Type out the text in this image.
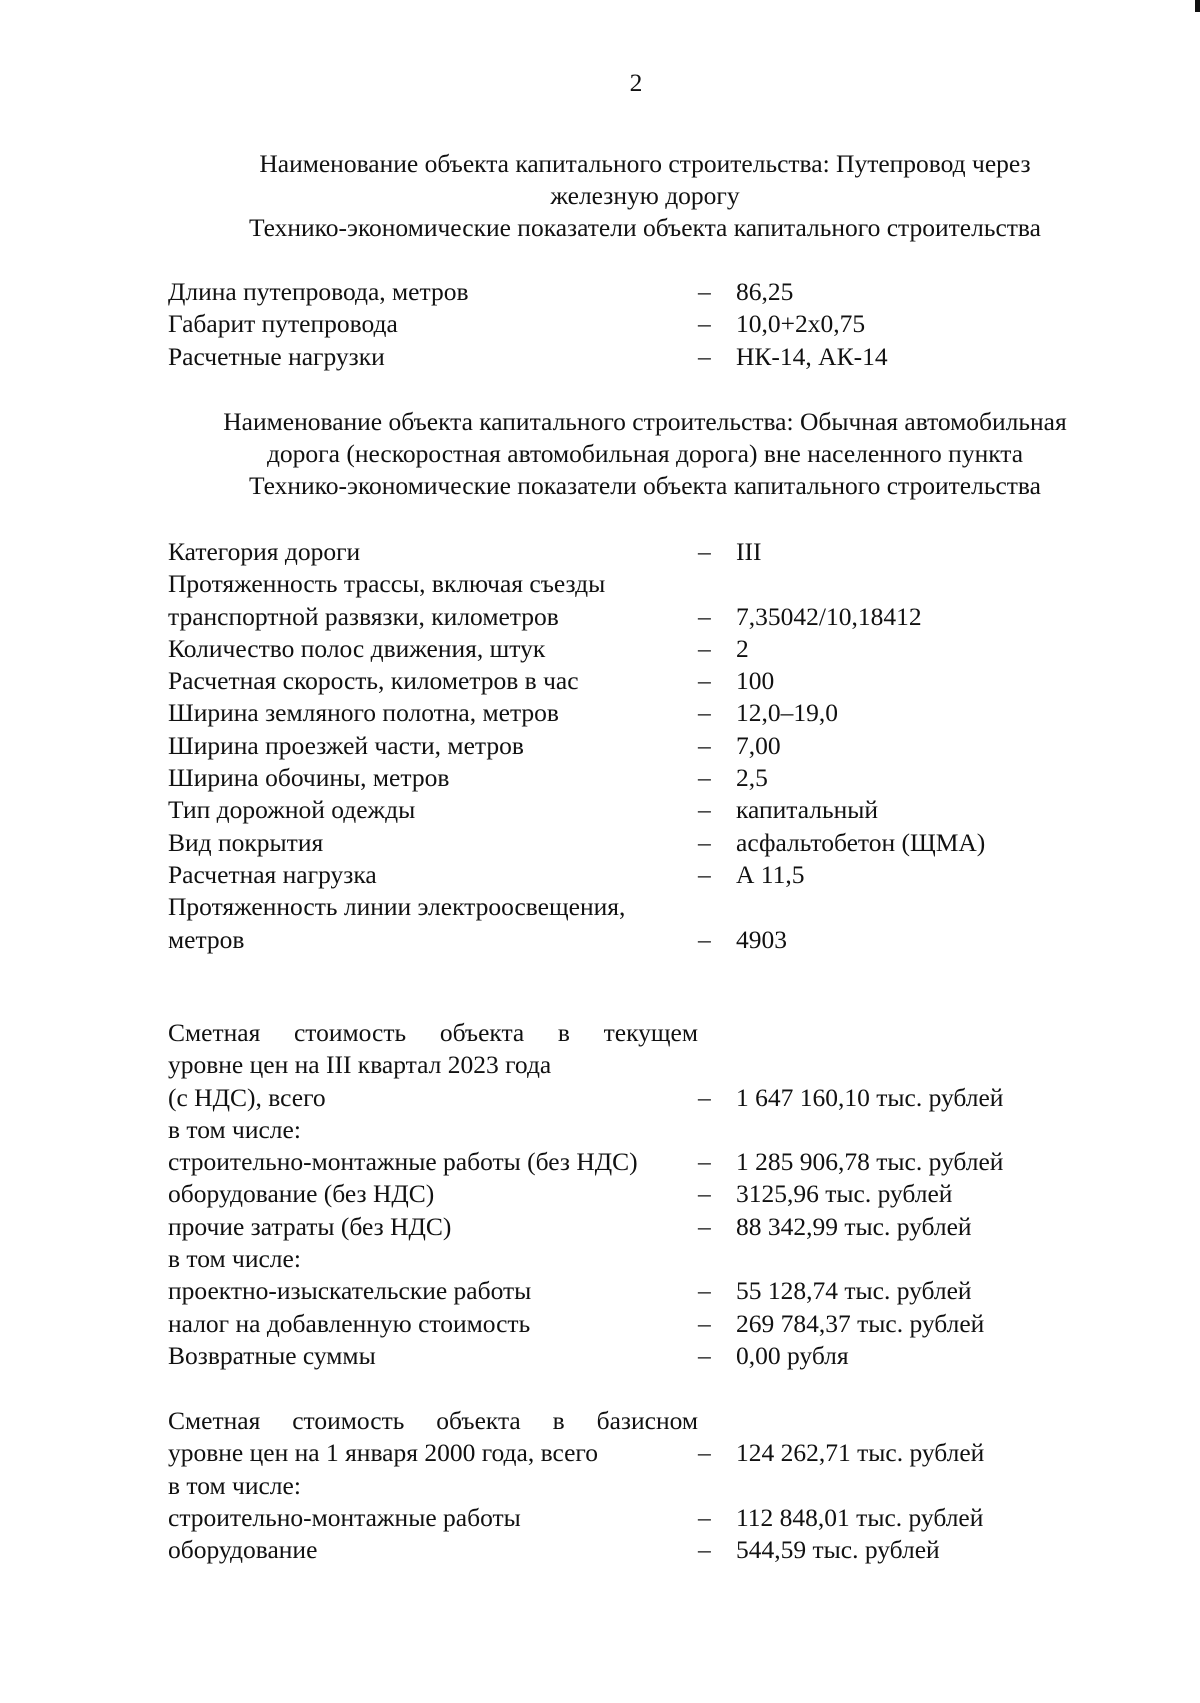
2
Наименование объекта капитального строительства: Путепровод через
железную дорогу
Технико-экономические показатели объекта капитального строительства
Длина путепровода, метров	– 86,25
Габарит путепровода	– 10,0+2х0,75
Расчетные нагрузки	– НК-14, АК-14
Наименование объекта капитального строительства: Обычная автомобильная
дорога (нескоростная автомобильная дорога) вне населенного пункта
Технико-экономические показатели объекта капитального строительства
Категория дороги	– III
Протяженность трассы, включая съезды
транспортной развязки, километров	– 7,35042/10,18412
Количество полос движения, штук	– 2
Расчетная скорость, километров в час	– 100
Ширина земляного полотна, метров	– 12,0–19,0
Ширина проезжей части, метров	– 7,00
Ширина обочины, метров	– 2,5
Тип дорожной одежды	– капитальный
Вид покрытия	– асфальтобетон (ЩМА)
Расчетная нагрузка	– А 11,5
Протяженность линии электроосвещения,
метров	– 4903
Сметная стоимость объекта в текущем
уровне цен на III квартал 2023 года
(с НДС), всего	– 1 647 160,10 тыс. рублей
в том числе:
строительно-монтажные работы (без НДС)	– 1 285 906,78 тыс. рублей
оборудование (без НДС)	– 3125,96 тыс. рублей
прочие затраты (без НДС)	– 88 342,99 тыс. рублей
в том числе:
проектно-изыскательские работы	– 55 128,74 тыс. рублей
налог на добавленную стоимость	– 269 784,37 тыс. рублей
Возвратные суммы	– 0,00 рубля
Сметная стоимость объекта в базисном
уровне цен на 1 января 2000 года, всего	– 124 262,71 тыс. рублей
в том числе:
строительно-монтажные работы	– 112 848,01 тыс. рублей
оборудование	– 544,59 тыс. рублей
